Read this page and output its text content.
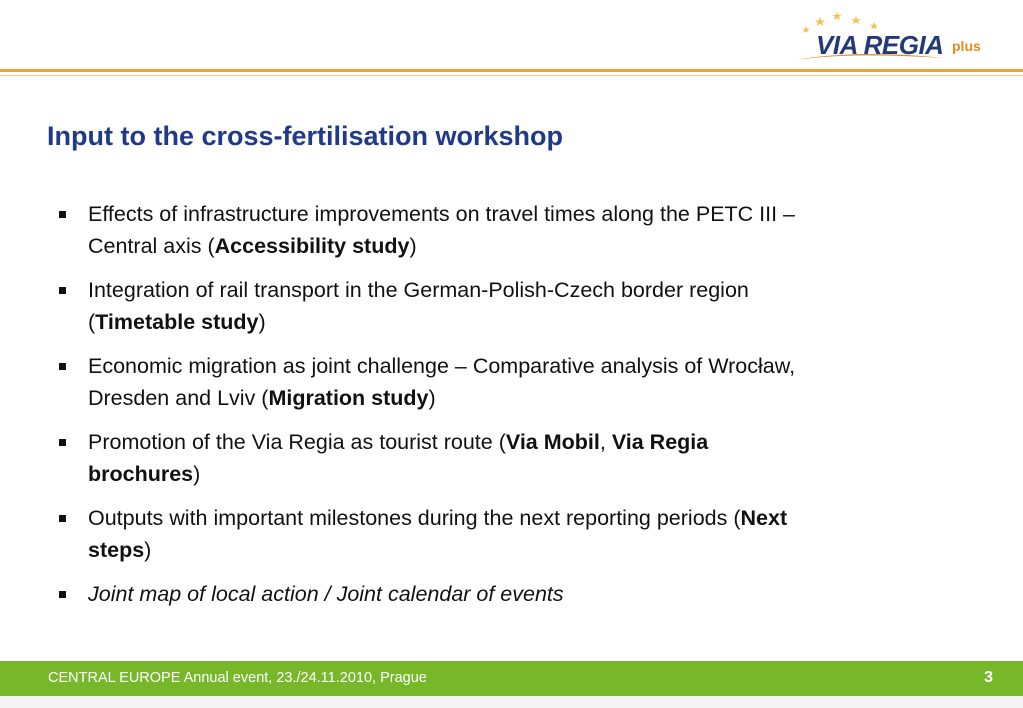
VIA REGIA plus
Input to the cross-fertilisation workshop
Effects of infrastructure improvements on travel times along the PETC III – Central axis (Accessibility study)
Integration of rail transport in the German-Polish-Czech border region (Timetable study)
Economic migration as joint challenge – Comparative analysis of Wrocław, Dresden and Lviv (Migration study)
Promotion of the Via Regia as tourist route (Via Mobil, Via Regia brochures)
Outputs with important milestones during the next reporting periods (Next steps)
Joint map of local action / Joint calendar of events
CENTRAL EUROPE Annual event, 23./24.11.2010, Prague	3
